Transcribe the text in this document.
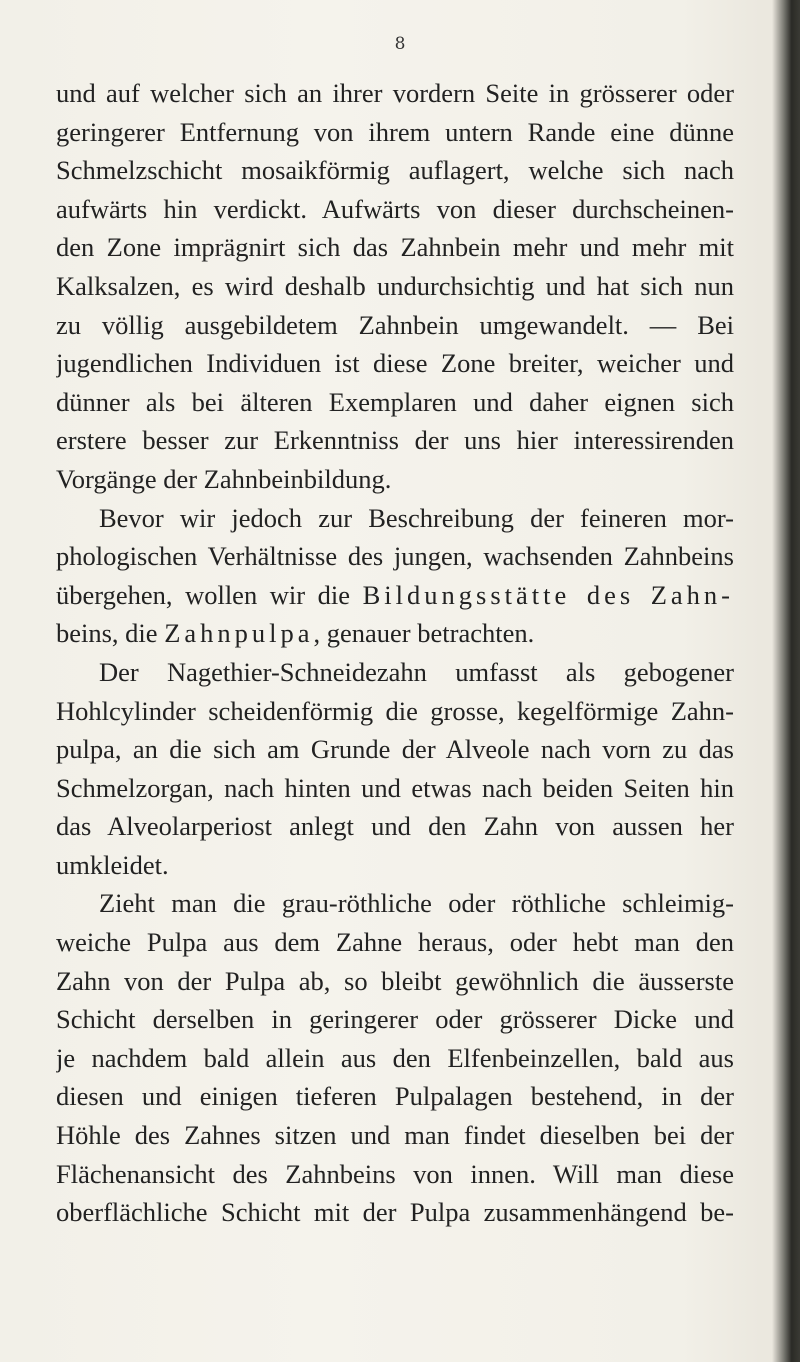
8
und auf welcher sich an ihrer vordern Seite in grösserer oder
geringerer Entfernung von ihrem untern Rande eine dünne
Schmelzschicht mosaikförmig auflagert, welche sich nach
aufwärts hin verdickt. Aufwärts von dieser durchscheinen-
den Zone imprägnirt sich das Zahnbein mehr und mehr mit
Kalksalzen, es wird deshalb undurchsichtig und hat sich nun
zu völlig ausgebildetem Zahnbein umgewandelt. — Bei
jugendlichen Individuen ist diese Zone breiter, weicher und
dünner als bei älteren Exemplaren und daher eignen sich
erstere besser zur Erkenntniss der uns hier interessirenden
Vorgänge der Zahnbeinbildung.
Bevor wir jedoch zur Beschreibung der feineren mor-
phologischen Verhältnisse des jungen, wachsenden Zahnbeins
übergehen, wollen wir die Bildungsstätte des Zahn-
beins, die Zahnpulpa, genauer betrachten.
Der Nagethier-Schneidezahn umfasst als gebogener
Hohlcylinder scheidenförmig die grosse, kegelförmige Zahn-
pulpa, an die sich am Grunde der Alveole nach vorn zu das
Schmelzorgan, nach hinten und etwas nach beiden Seiten hin
das Alveolarperiost anlegt und den Zahn von aussen her
umkleidet.
Zieht man die grau-röthliche oder röthliche schleimig-
weiche Pulpa aus dem Zahne heraus, oder hebt man den
Zahn von der Pulpa ab, so bleibt gewöhnlich die äusserste
Schicht derselben in geringerer oder grösserer Dicke und
je nachdem bald allein aus den Elfenbeinzellen, bald aus
diesen und einigen tieferen Pulpalagen bestehend, in der
Höhle des Zahnes sitzen und man findet dieselben bei der
Flächenansicht des Zahnbeins von innen. Will man diese
oberflächliche Schicht mit der Pulpa zusammenhängend be-
